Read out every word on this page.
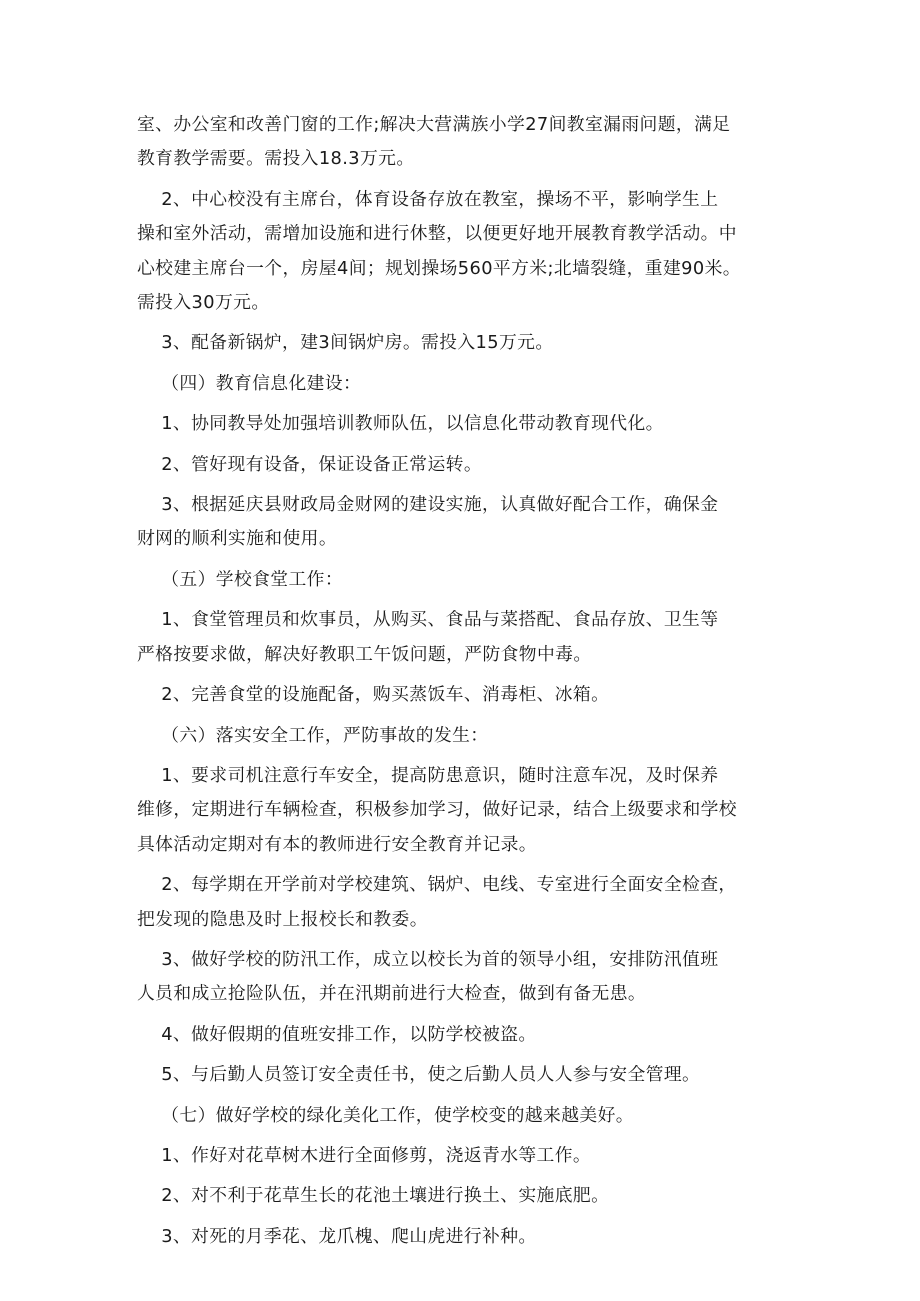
室、办公室和改善门窗的工作;解决大营满族小学27间教室漏雨问题，满足
教育教学需要。需投入18.3万元。

2、中心校没有主席台，体育设备存放在教室，操场不平，影响学生上
操和室外活动，需增加设施和进行休整，以便更好地开展教育教学活动。中
心校建主席台一个，房屋4间；规划操场560平方米;北墙裂缝，重建90米。
需投入30万元。

3、配备新锅炉，建3间锅炉房。需投入15万元。

（四）教育信息化建设：

1、协同教导处加强培训教师队伍，以信息化带动教育现代化。

2、管好现有设备，保证设备正常运转。

3、根据延庆县财政局金财网的建设实施，认真做好配合工作，确保金
财网的顺利实施和使用。

（五）学校食堂工作：

1、食堂管理员和炊事员，从购买、食品与菜搭配、食品存放、卫生等
严格按要求做，解决好教职工午饭问题，严防食物中毒。

2、完善食堂的设施配备，购买蒸饭车、消毒柜、冰箱。

（六）落实安全工作，严防事故的发生：

1、要求司机注意行车安全，提高防患意识，随时注意车况，及时保养
维修，定期进行车辆检查，积极参加学习，做好记录，结合上级要求和学校
具体活动定期对有本的教师进行安全教育并记录。

2、每学期在开学前对学校建筑、锅炉、电线、专室进行全面安全检查，
把发现的隐患及时上报校长和教委。

3、做好学校的防汛工作，成立以校长为首的领导小组，安排防汛值班
人员和成立抢险队伍，并在汛期前进行大检查，做到有备无患。

4、做好假期的值班安排工作，以防学校被盗。

5、与后勤人员签订安全责任书，使之后勤人员人人参与安全管理。

（七）做好学校的绿化美化工作，使学校变的越来越美好。

1、作好对花草树木进行全面修剪，浇返青水等工作。

2、对不利于花草生长的花池土壤进行换土、实施底肥。

3、对死的月季花、龙爪槐、爬山虎进行补种。
